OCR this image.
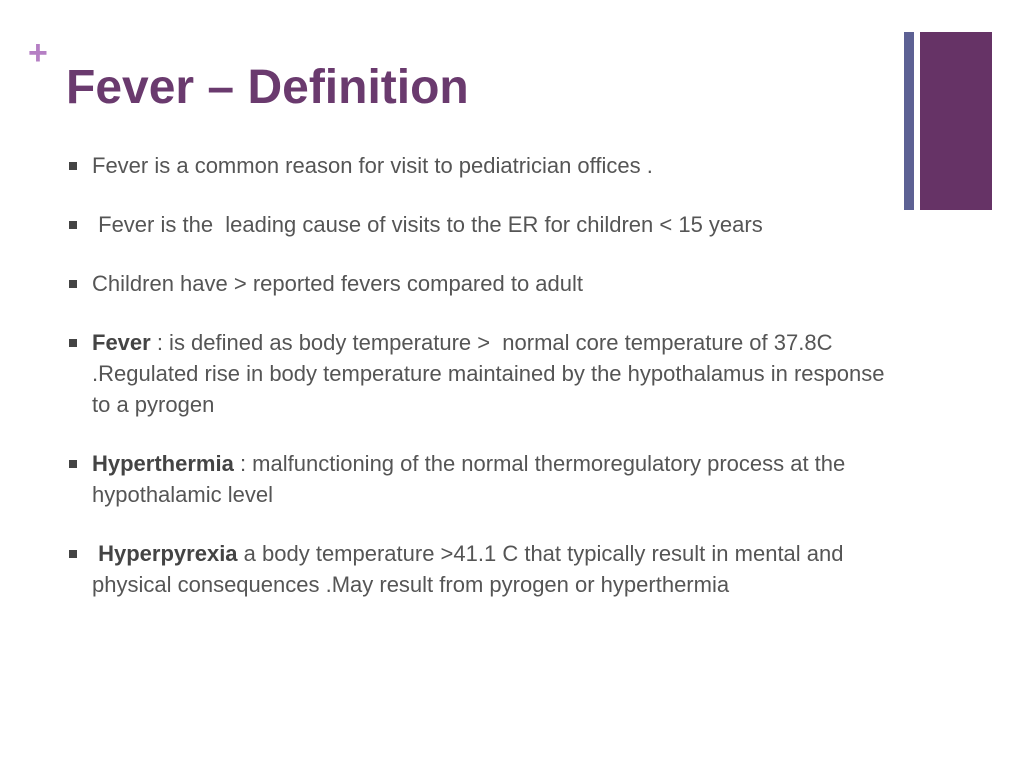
+
Fever – Definition
Fever is a common reason for visit to pediatrician offices .
Fever is the  leading cause of visits to the ER for children < 15 years
Children have > reported fevers compared to adult
Fever : is defined as body temperature >  normal core temperature of 37.8C .Regulated rise in body temperature maintained by the hypothalamus in response to a pyrogen
Hyperthermia : malfunctioning of the normal thermoregulatory process at the hypothalamic level
Hyperpyrexia a body temperature >41.1 C that typically result in mental and physical consequences .May result from pyrogen or hyperthermia
